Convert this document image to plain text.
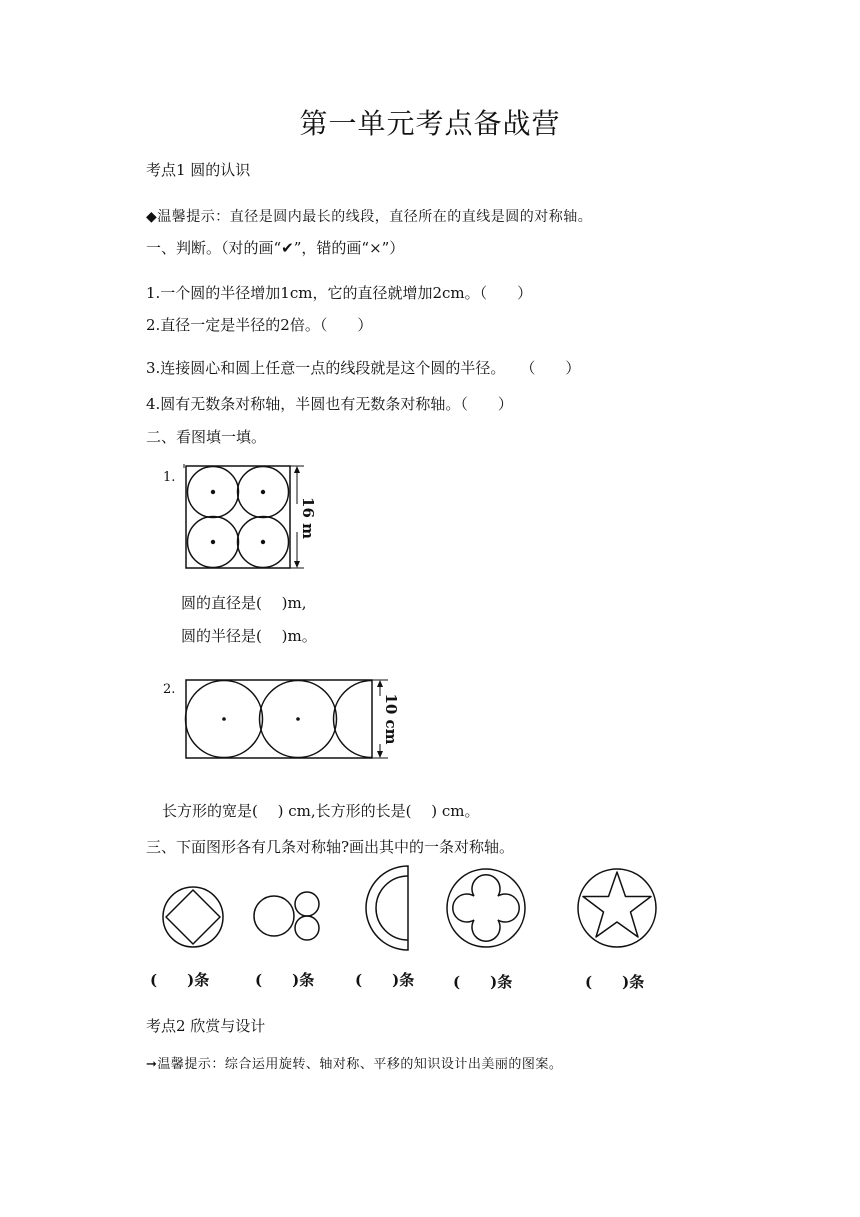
第一单元考点备战营
考点1 圆的认识
◆温馨提示：直径是圆内最长的线段，直径所在的直线是圆的对称轴。
一、判断。（对的画“✔”，错的画“×”）
1.一个圆的半径增加1cm，它的直径就增加2cm。（　　）
2.直径一定是半径的2倍。（　　）
3.连接圆心和圆上任意一点的线段就是这个圆的半径。　　（　　）
4.圆有无数条对称轴，半圆也有无数条对称轴。（　　）
二、看图填一填。
1.
16 m
圆的直径是(　 )m,
圆的半径是(　 )m。
2.
10 cm
长方形的宽是(　 ) cm,长方形的长是(　 ) cm。
三、下面图形各有几条对称轴?画出其中的一条对称轴。
(　　)条	(　　)条	(　　)条	(　　)条	(　　)条
考点2 欣赏与设计
➞温馨提示：综合运用旋转、轴对称、平移的知识设计出美丽的图案。
